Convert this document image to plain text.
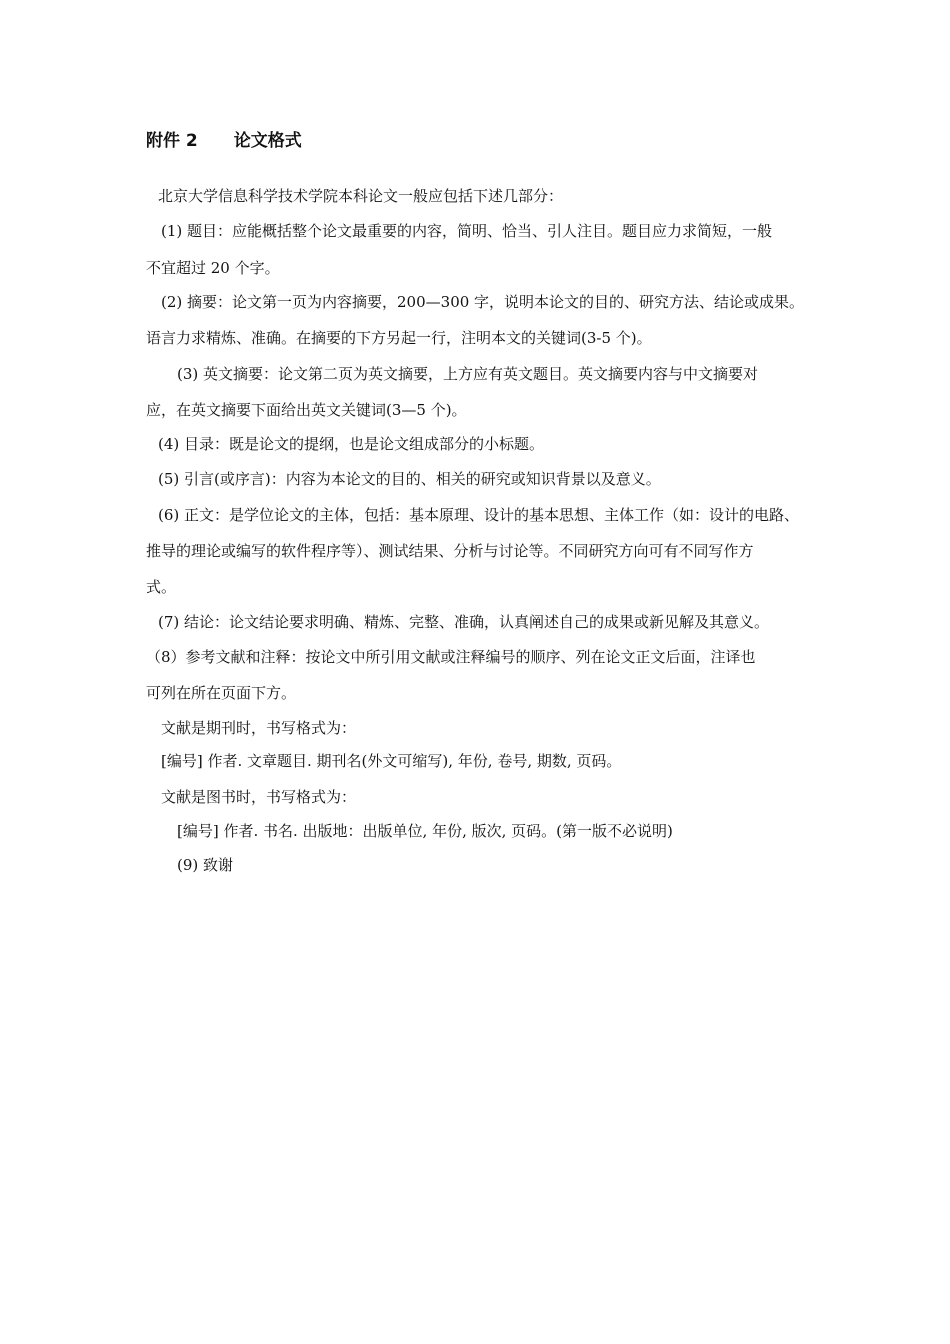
附件 2 论文格式
北京大学信息科学技术学院本科论文一般应包括下述几部分：
(1) 题目：应能概括整个论文最重要的内容，简明、恰当、引人注目。题目应力求简短，一般
不宜超过 20 个字。
(2) 摘要：论文第一页为内容摘要，200—300 字，说明本论文的目的、研究方法、结论或成果。
语言力求精炼、准确。在摘要的下方另起一行，注明本文的关键词(3-5 个)。
(3) 英文摘要：论文第二页为英文摘要，上方应有英文题目。英文摘要内容与中文摘要对
应，在英文摘要下面给出英文关键词(3—5 个)。
(4) 目录：既是论文的提纲，也是论文组成部分的小标题。
(5) 引言(或序言)：内容为本论文的目的、相关的研究或知识背景以及意义。
(6) 正文：是学位论文的主体，包括：基本原理、设计的基本思想、主体工作（如：设计的电路、
推导的理论或编写的软件程序等）、测试结果、分析与讨论等。不同研究方向可有不同写作方
式。
(7) 结论：论文结论要求明确、精炼、完整、准确，认真阐述自己的成果或新见解及其意义。
（8）参考文献和注释：按论文中所引用文献或注释编号的顺序、列在论文正文后面，注译也
可列在所在页面下方。
文献是期刊时，书写格式为：
[编号] 作者. 文章题目. 期刊名(外文可缩写), 年份, 卷号, 期数, 页码。
文献是图书时，书写格式为：
[编号] 作者. 书名. 出版地：出版单位, 年份, 版次, 页码。(第一版不必说明)
(9) 致谢
